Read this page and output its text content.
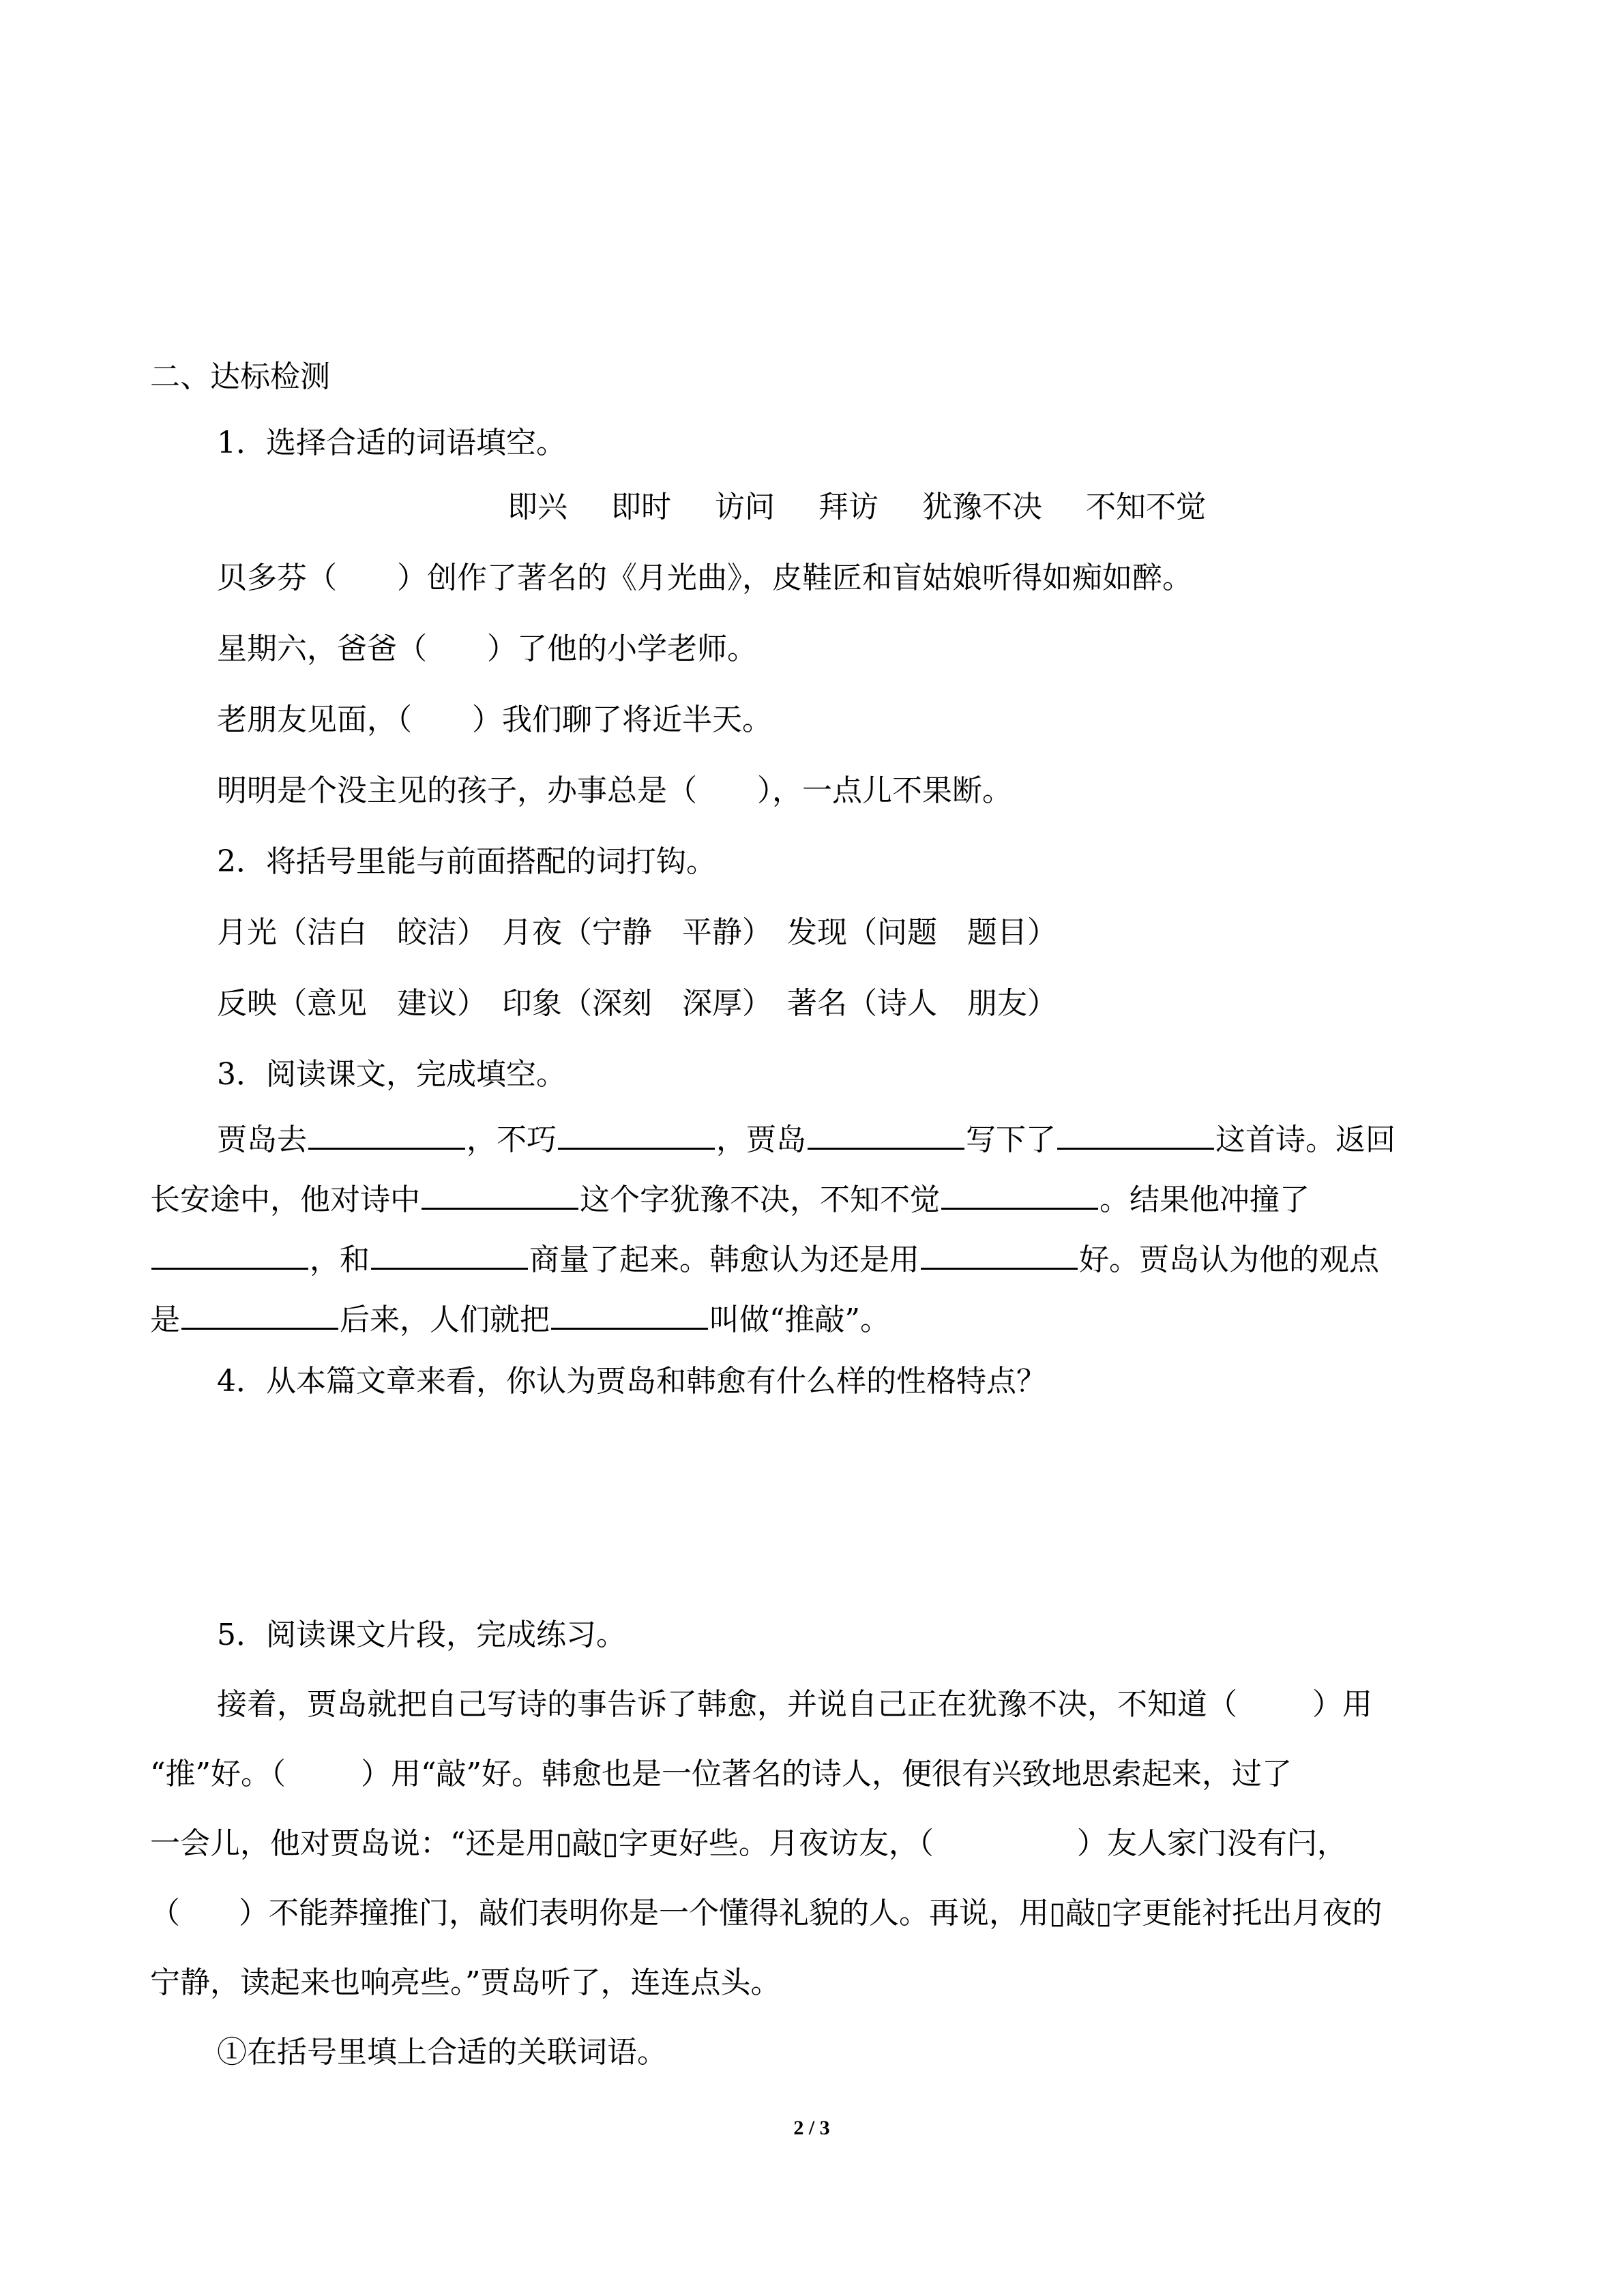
二、达标检测
1．选择合适的词语填空。
即兴 即时 访问 拜访 犹豫不决 不知不觉
贝多芬（ ）创作了著名的《月光曲》，皮鞋匠和盲姑娘听得如痴如醉。
星期六，爸爸（ ）了他的小学老师。
老朋友见面，（ ）我们聊了将近半天。
明明是个没主见的孩子，办事总是（ ），一点儿不果断。
2．将括号里能与前面搭配的词打钩。
月光（洁白　皎洁）　月夜（宁静　平静）　发现（问题　题目）
反映（意见　建议）　印象（深刻　深厚）　著名（诗人　朋友）
3．阅读课文，完成填空。
贾岛去	，不巧	，贾岛	写下了	这首诗。返回
长安途中，他对诗中	这个字犹豫不决，不知不觉	。结果他冲撞了
，和	商量了起来。韩愈认为还是用	好。贾岛认为他的观点
是	后来，人们就把	叫做“推敲”。
4．从本篇文章来看，你认为贾岛和韩愈有什么样的性格特点？
5．阅读课文片段，完成练习。
接着，贾岛就把自己写诗的事告诉了韩愈，并说自己正在犹豫不决，不知道（	）用
“推”好。（	）用“敲”好。韩愈也是一位著名的诗人，便很有兴致地思索起来，过了
一会儿，他对贾岛说：“还是用▯敲▯字更好些。月夜访友，（	）友人家门没有闩，
（ ）不能莽撞推门，敲们表明你是一个懂得礼貌的人。再说，用▯敲▯字更能衬托出月夜的
宁静，读起来也响亮些。”贾岛听了，连连点头。
①在括号里填上合适的关联词语。
2 / 3
